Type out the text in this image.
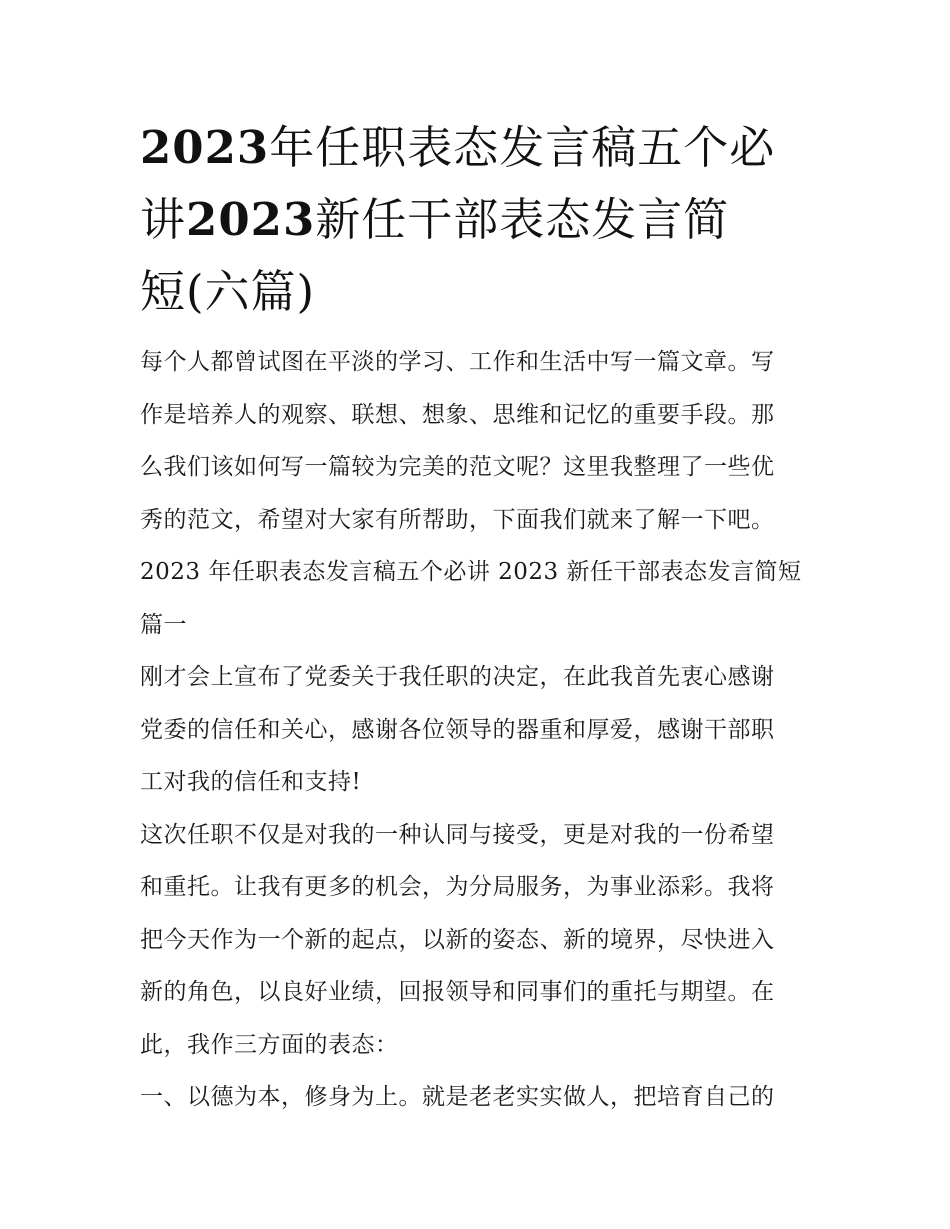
2023年任职表态发言稿五个必
讲2023新任干部表态发言简
短(六篇)

每个人都曾试图在平淡的学习、工作和生活中写一篇文章。写
作是培养人的观察、联想、想象、思维和记忆的重要手段。那
么我们该如何写一篇较为完美的范文呢？这里我整理了一些优
秀的范文，希望对大家有所帮助，下面我们就来了解一下吧。

2023 年任职表态发言稿五个必讲 2023 新任干部表态发言简短

篇一

刚才会上宣布了党委关于我任职的决定，在此我首先衷心感谢
党委的信任和关心，感谢各位领导的器重和厚爱，感谢干部职
工对我的信任和支持!

这次任职不仅是对我的一种认同与接受，更是对我的一份希望
和重托。让我有更多的机会，为分局服务，为事业添彩。我将
把今天作为一个新的起点，以新的姿态、新的境界，尽快进入
新的角色，以良好业绩，回报领导和同事们的重托与期望。在
此，我作三方面的表态：

一、以德为本，修身为上。就是老老实实做人，把培育自己的
